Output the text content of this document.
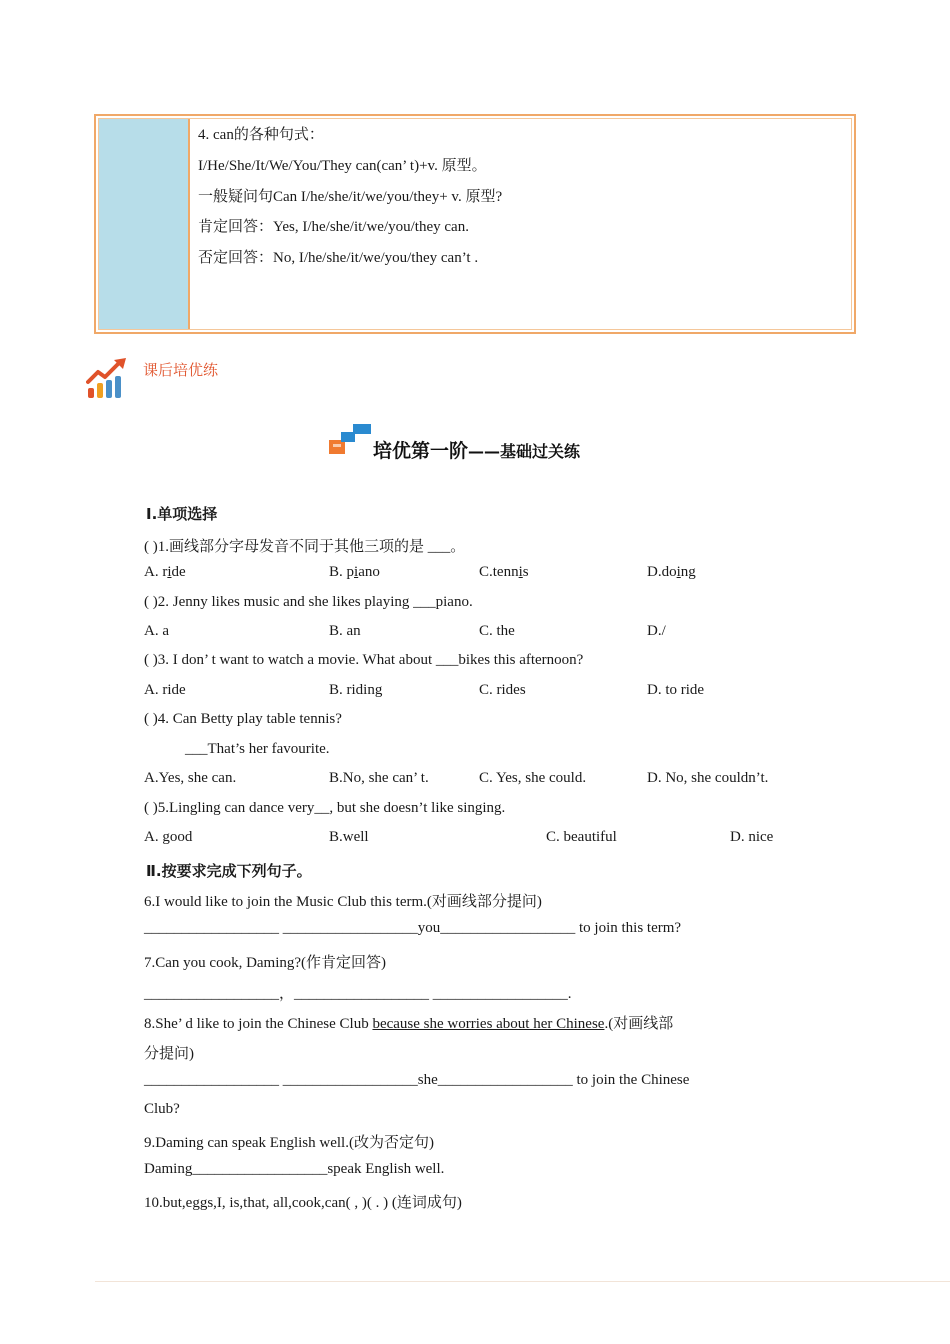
4. can的各种句式：
I/He/She/It/We/You/They can(can’ t)+v. 原型。
一般疑问句Can I/he/she/it/we/you/they+ v. 原型?
肯定回答：Yes, I/he/she/it/we/you/they can.
否定回答：No, I/he/she/it/we/you/they can’t .
课后培优练
培优第一阶——基础过关练
Ⅰ.单项选择
( )1.画线部分字母发音不同于其他三项的是 ___。
A. ride	B. piano	C.tennis	D.doing
( )2. Jenny likes music and she likes playing ___piano.
A. a	B. an	C. the	D./
( )3. I don’ t want to watch a movie. What about ___bikes this afternoon?
A. ride	B. riding	C. rides	D. to ride
( )4. Can Betty play table tennis?
___That’s her favourite.
A.Yes, she can.	B.No, she can’ t.	C. Yes, she could.	D. No, she couldn’t.
( )5.Lingling can dance very__, but she doesn’t like singing.
A. good	B.well	C. beautiful	D. nice
Ⅱ.按要求完成下列句子。
6.I would like to join the Music Club this term.(对画线部分提问)
__________________ __________________you__________________ to join this term?
7.Can you cook, Daming?(作肯定回答)
__________________，__________________ __________________.
8.She’ d like to join the Chinese Club because she worries about her Chinese.(对画线部
分提问)
__________________ __________________she__________________ to join the Chinese
Club?
9.Daming can speak English well.(改为否定句)
Daming__________________speak English well.
10.but,eggs,I, is,that, all,cook,can( , )( . ) (连词成句)
